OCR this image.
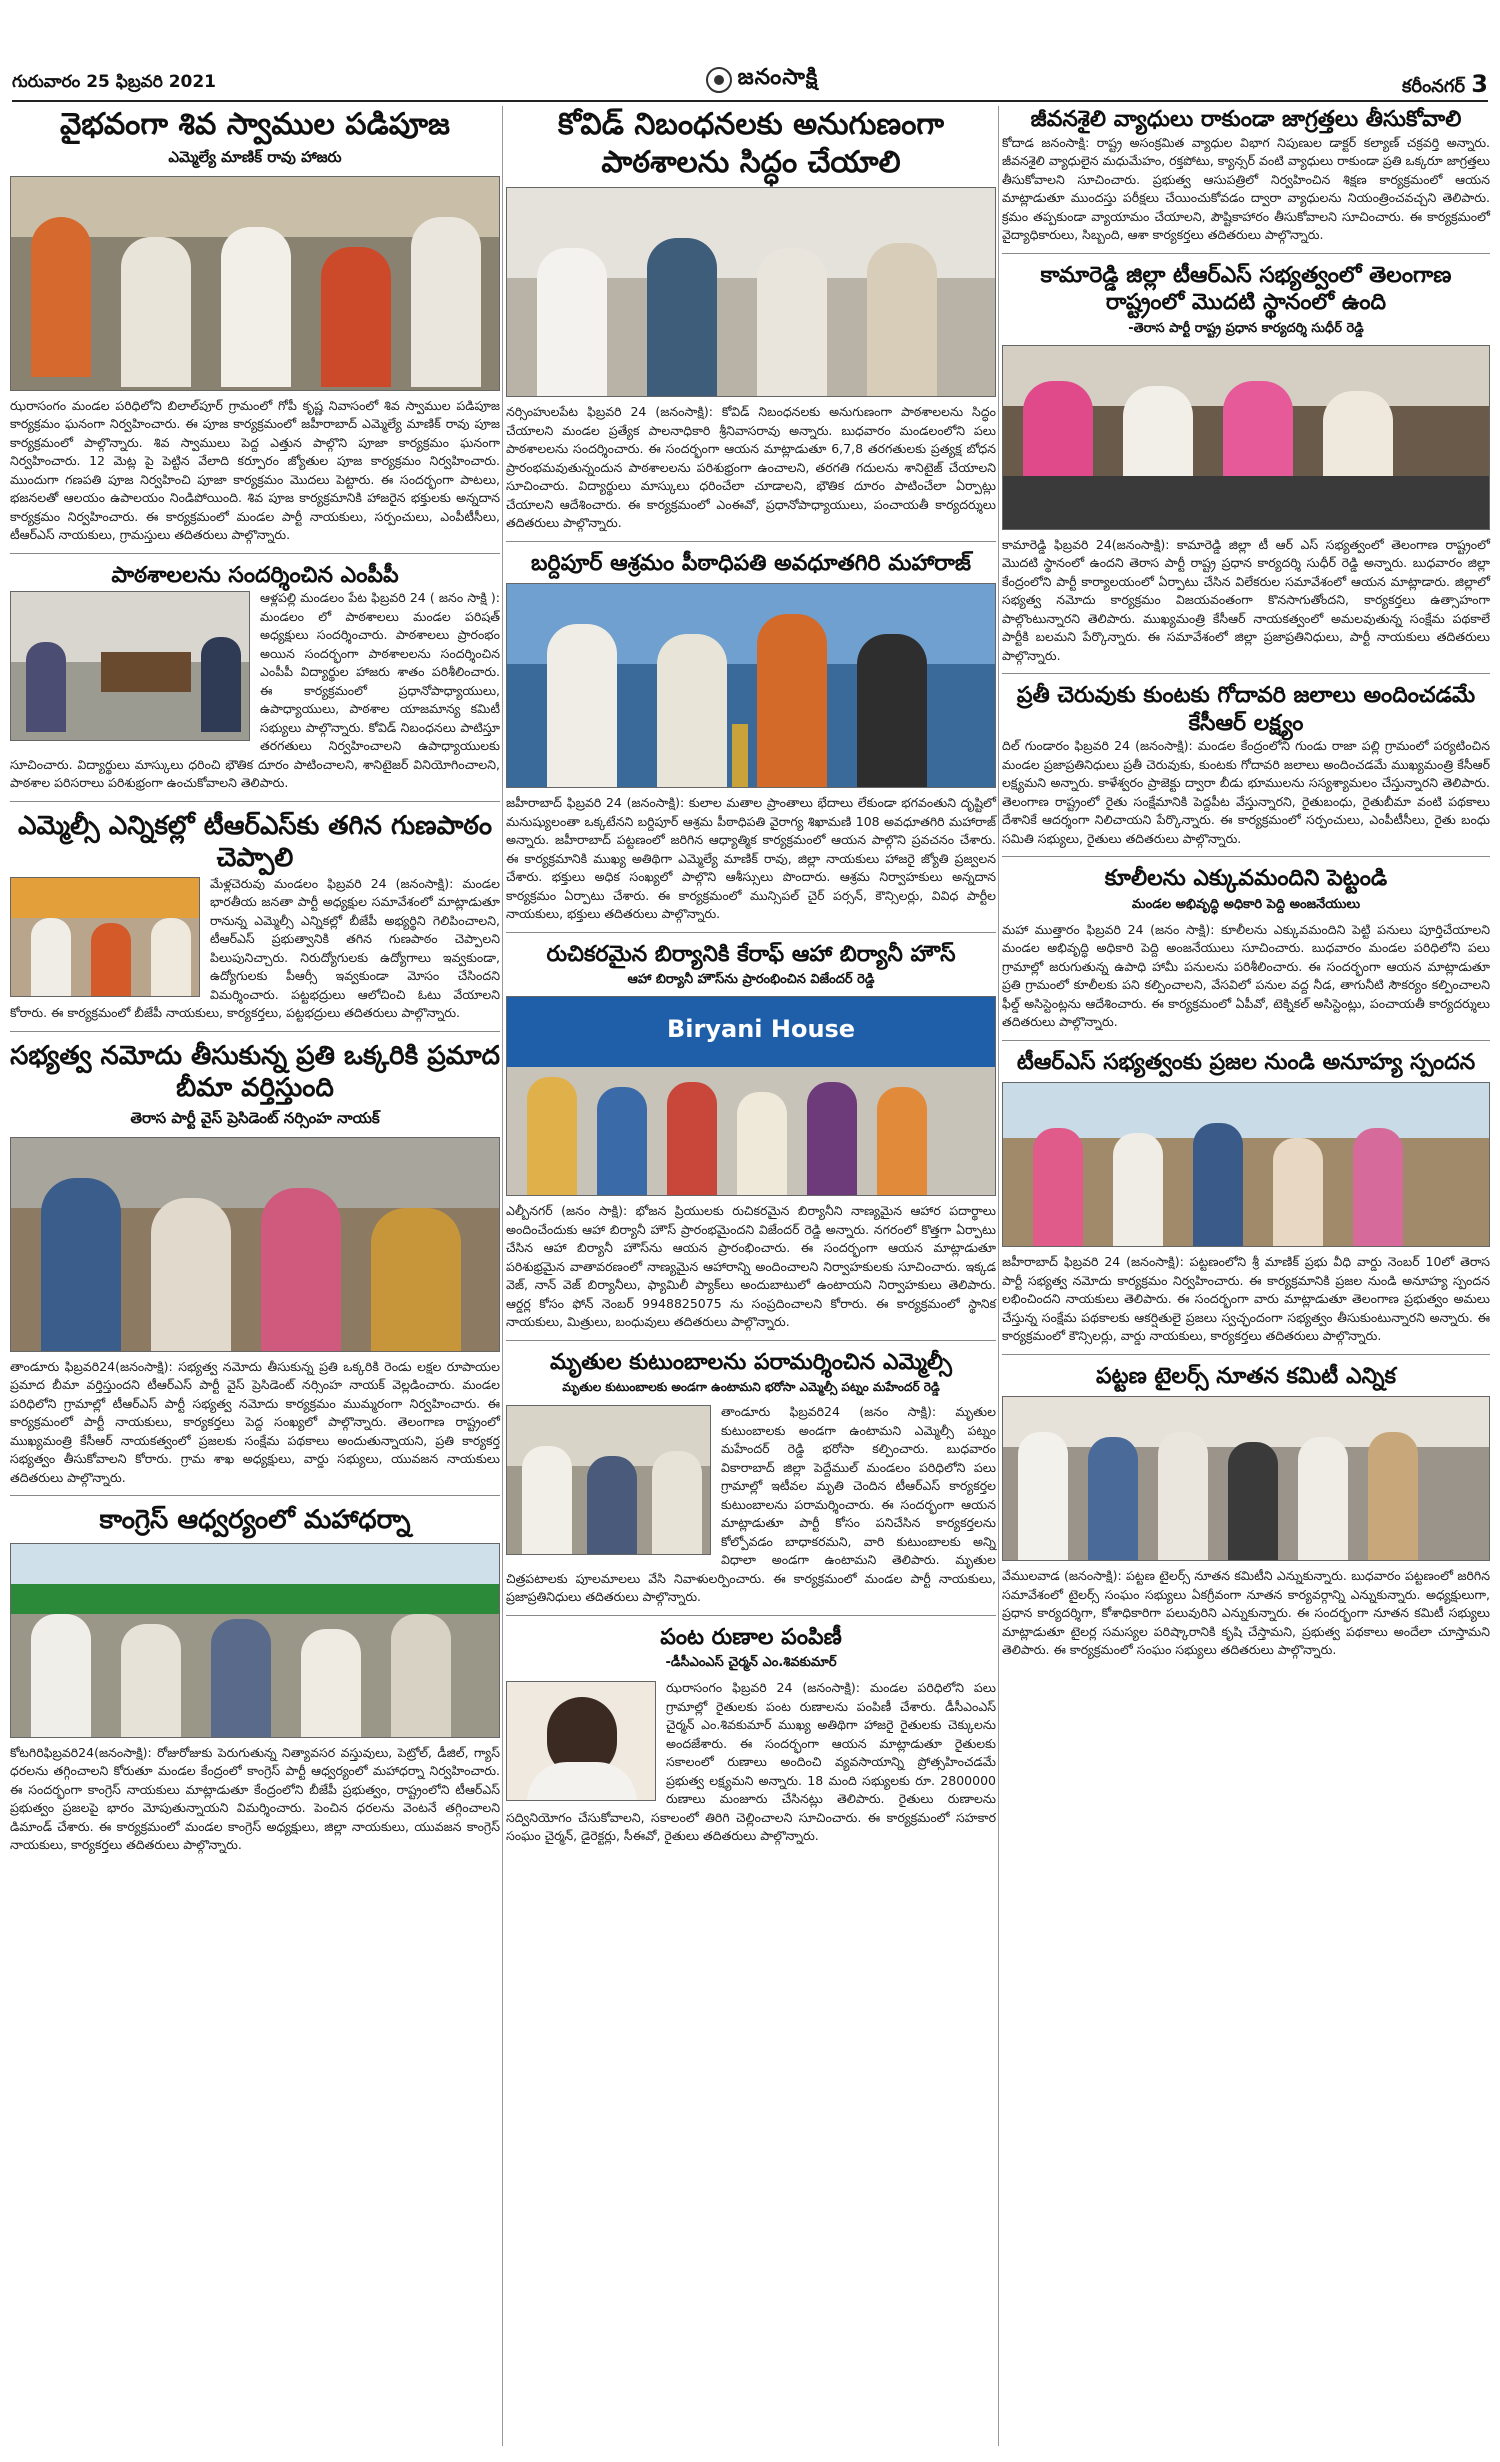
గురువారం 25 ఫిబ్రవరి 2021	జనంసాక్షి	కరీంనగర్ 3
వైభవంగా శివ స్వాముల పడిపూజ
ఎమ్మెల్యే మాణిక్ రావు హాజరు
ఝరాసంగం మండల పరిధిలోని బిలాల్‌పూర్ గ్రామంలో గోపీ కృష్ణ నివాసంలో శివ స్వాముల పడిపూజ కార్యక్రమం ఘనంగా నిర్వహించారు. ఈ పూజ కార్యక్రమంలో జహీరాబాద్ ఎమ్మెల్యే మాణిక్ రావు పూజ కార్యక్రమంలో పాల్గొన్నారు. శివ స్వాములు పెద్ద ఎత్తున పాల్గొని పూజా కార్యక్రమం ఘనంగా నిర్వహించారు. 12 మెట్ల పై పెట్టిన వేలాది కర్పూరం జ్యోతుల పూజ కార్యక్రమం నిర్వహించారు. ముందుగా గణపతి పూజ నిర్వహించి పూజా కార్యక్రమం మొదలు పెట్టారు. ఈ సందర్భంగా పాటలు, భజనలతో ఆలయం ఉపాలయం నిండిపోయింది. శివ పూజ కార్యక్రమానికి హాజరైన భక్తులకు అన్నదాన కార్యక్రమం నిర్వహించారు. ఈ కార్యక్రమంలో మండల పార్టీ నాయకులు, సర్పంచులు, ఎంపీటీసీలు, టీఆర్ఎస్ నాయకులు, గ్రామస్తులు తదితరులు పాల్గొన్నారు.
పాఠశాలలను సందర్శించిన ఎంపీపీ
ఆళ్లపల్లి మండలం పేట ఫిబ్రవరి 24 ( జనం సాక్షి ): మండలం లో పాఠశాలలు మండల పరిషత్ అధ్యక్షులు సందర్శించారు. పాఠశాలలు ప్రారంభం అయిన సందర్భంగా పాఠశాలలను సందర్శించిన ఎంపీపీ విద్యార్థుల హాజరు శాతం పరిశీలించారు. ఈ కార్యక్రమంలో ప్రధానోపాధ్యాయులు, ఉపాధ్యాయులు, పాఠశాల యాజమాన్య కమిటీ సభ్యులు పాల్గొన్నారు. కోవిడ్ నిబంధనలు పాటిస్తూ తరగతులు నిర్వహించాలని ఉపాధ్యాయులకు సూచించారు. విద్యార్థులు మాస్కులు ధరించి భౌతిక దూరం పాటించాలని, శానిటైజర్ వినియోగించాలని, పాఠశాల పరిసరాలు పరిశుభ్రంగా ఉంచుకోవాలని తెలిపారు.
ఎమ్మెల్సీ ఎన్నికల్లో టీఆర్ఎస్‌కు తగిన గుణపాఠం చెప్పాలి
మేళ్లచెరువు మండలం ఫిబ్రవరి 24 (జనంసాక్షి): మండల భారతీయ జనతా పార్టీ అధ్యక్షుల సమావేశంలో మాట్లాడుతూ రానున్న ఎమ్మెల్సీ ఎన్నికల్లో బీజేపీ అభ్యర్థిని గెలిపించాలని, టీఆర్ఎస్ ప్రభుత్వానికి తగిన గుణపాఠం చెప్పాలని పిలుపునిచ్చారు. నిరుద్యోగులకు ఉద్యోగాలు ఇవ్వకుండా, ఉద్యోగులకు పీఆర్సీ ఇవ్వకుండా మోసం చేసిందని విమర్శించారు. పట్టభద్రులు ఆలోచించి ఓటు వేయాలని కోరారు. ఈ కార్యక్రమంలో బీజేపీ నాయకులు, కార్యకర్తలు, పట్టభద్రులు తదితరులు పాల్గొన్నారు.
సభ్యత్వ నమోదు తీసుకున్న ప్రతి ఒక్కరికి ప్రమాద బీమా వర్తిస్తుంది
తెరాస పార్టీ వైస్ ప్రెసిడెంట్ నర్సింహ నాయక్
తాండూరు ఫిబ్రవరి24(జనంసాక్షి): సభ్యత్వ నమోదు తీసుకున్న ప్రతి ఒక్కరికి రెండు లక్షల రూపాయల ప్రమాద బీమా వర్తిస్తుందని టీఆర్ఎస్ పార్టీ వైస్ ప్రెసిడెంట్ నర్సింహ నాయక్ వెల్లడించారు. మండల పరిధిలోని గ్రామాల్లో టీఆర్ఎస్ పార్టీ సభ్యత్వ నమోదు కార్యక్రమం ముమ్మరంగా నిర్వహించారు. ఈ కార్యక్రమంలో పార్టీ నాయకులు, కార్యకర్తలు పెద్ద సంఖ్యలో పాల్గొన్నారు. తెలంగాణ రాష్ట్రంలో ముఖ్యమంత్రి కేసీఆర్ నాయకత్వంలో ప్రజలకు సంక్షేమ పథకాలు అందుతున్నాయని, ప్రతి కార్యకర్త సభ్యత్వం తీసుకోవాలని కోరారు. గ్రామ శాఖ అధ్యక్షులు, వార్డు సభ్యులు, యువజన నాయకులు తదితరులు పాల్గొన్నారు.
కాంగ్రెస్ ఆధ్వర్యంలో మహాధర్నా
కోటగిరిఫిబ్రవరి24(జనంసాక్షి): రోజురోజుకు పెరుగుతున్న నిత్యావసర వస్తువులు, పెట్రోల్, డీజిల్, గ్యాస్ ధరలను తగ్గించాలని కోరుతూ మండల కేంద్రంలో కాంగ్రెస్ పార్టీ ఆధ్వర్యంలో మహాధర్నా నిర్వహించారు. ఈ సందర్భంగా కాంగ్రెస్ నాయకులు మాట్లాడుతూ కేంద్రంలోని బీజేపీ ప్రభుత్వం, రాష్ట్రంలోని టీఆర్ఎస్ ప్రభుత్వం ప్రజలపై భారం మోపుతున్నాయని విమర్శించారు. పెంచిన ధరలను వెంటనే తగ్గించాలని డిమాండ్ చేశారు. ఈ కార్యక్రమంలో మండల కాంగ్రెస్ అధ్యక్షులు, జిల్లా నాయకులు, యువజన కాంగ్రెస్ నాయకులు, కార్యకర్తలు తదితరులు పాల్గొన్నారు.
కోవిడ్ నిబంధనలకు అనుగుణంగా పాఠశాలను సిద్ధం చేయాలి
నర్సింహులపేట ఫిబ్రవరి 24 (జనంసాక్షి): కోవిడ్ నిబంధనలకు అనుగుణంగా పాఠశాలలను సిద్ధం చేయాలని మండల ప్రత్యేక పాలనాధికారి శ్రీనివాసరావు అన్నారు. బుధవారం మండలంలోని పలు పాఠశాలలను సందర్శించారు. ఈ సందర్భంగా ఆయన మాట్లాడుతూ 6,7,8 తరగతులకు ప్రత్యక్ష బోధన ప్రారంభమవుతున్నందున పాఠశాలలను పరిశుభ్రంగా ఉంచాలని, తరగతి గదులను శానిటైజ్ చేయాలని సూచించారు. విద్యార్థులు మాస్కులు ధరించేలా చూడాలని, భౌతిక దూరం పాటించేలా ఏర్పాట్లు చేయాలని ఆదేశించారు. ఈ కార్యక్రమంలో ఎంఈవో, ప్రధానోపాధ్యాయులు, పంచాయతీ కార్యదర్శులు తదితరులు పాల్గొన్నారు.
బర్దిపూర్ ఆశ్రమం పీఠాధిపతి అవధూతగిరి మహారాజ్
జహీరాబాద్ ఫిబ్రవరి 24 (జనంసాక్షి): కులాల మతాల ప్రాంతాలు భేదాలు లేకుండా భగవంతుని దృష్టిలో మనుష్యులంతా ఒక్కటేనని బర్దిపూర్ ఆశ్రమ పీఠాధిపతి వైరాగ్య శిఖామణి 108 అవధూతగిరి మహారాజ్ అన్నారు. జహీరాబాద్ పట్టణంలో జరిగిన ఆధ్యాత్మిక కార్యక్రమంలో ఆయన పాల్గొని ప్రవచనం చేశారు. ఈ కార్యక్రమానికి ముఖ్య అతిథిగా ఎమ్మెల్యే మాణిక్ రావు, జిల్లా నాయకులు హాజరై జ్యోతి ప్రజ్వలన చేశారు. భక్తులు అధిక సంఖ్యలో పాల్గొని ఆశీస్సులు పొందారు. ఆశ్రమ నిర్వాహకులు అన్నదాన కార్యక్రమం ఏర్పాటు చేశారు. ఈ కార్యక్రమంలో మున్సిపల్ చైర్ పర్సన్, కౌన్సిలర్లు, వివిధ పార్టీల నాయకులు, భక్తులు తదితరులు పాల్గొన్నారు.
రుచికరమైన బిర్యానికి కేరాఫ్ ఆహా బిర్యానీ హౌస్
ఆహా బిర్యానీ హౌస్‌ను ప్రారంభించిన విజేందర్ రెడ్డి
Biryani House
ఎల్బీనగర్ (జనం సాక్షి): భోజన ప్రియులకు రుచికరమైన బిర్యానీని నాణ్యమైన ఆహార పదార్థాలు అందించేందుకు ఆహా బిర్యానీ హౌస్ ప్రారంభమైందని విజేందర్ రెడ్డి అన్నారు. నగరంలో కొత్తగా ఏర్పాటు చేసిన ఆహా బిర్యానీ హౌస్‌ను ఆయన ప్రారంభించారు. ఈ సందర్భంగా ఆయన మాట్లాడుతూ పరిశుభ్రమైన వాతావరణంలో నాణ్యమైన ఆహారాన్ని అందించాలని నిర్వాహకులకు సూచించారు. ఇక్కడ వెజ్, నాన్ వెజ్ బిర్యానీలు, ఫ్యామిలీ ప్యాక్‌లు అందుబాటులో ఉంటాయని నిర్వాహకులు తెలిపారు. ఆర్డర్ల కోసం ఫోన్ నెంబర్ 9948825075 ను సంప్రదించాలని కోరారు. ఈ కార్యక్రమంలో స్థానిక నాయకులు, మిత్రులు, బంధువులు తదితరులు పాల్గొన్నారు.
మృతుల కుటుంబాలను పరామర్శించిన ఎమ్మెల్సీ
మృతుల కుటుంబాలకు అండగా ఉంటామని భరోసా ఎమ్మెల్సీ పట్నం మహేందర్ రెడ్డి
తాండూరు ఫిబ్రవరి24 (జనం సాక్షి): మృతుల కుటుంబాలకు అండగా ఉంటామని ఎమ్మెల్సీ పట్నం మహేందర్ రెడ్డి భరోసా కల్పించారు. బుధవారం వికారాబాద్ జిల్లా పెద్దేముల్ మండలం పరిధిలోని పలు గ్రామాల్లో ఇటీవల మృతి చెందిన టీఆర్ఎస్ కార్యకర్తల కుటుంబాలను పరామర్శించారు. ఈ సందర్భంగా ఆయన మాట్లాడుతూ పార్టీ కోసం పనిచేసిన కార్యకర్తలను కోల్పోవడం బాధాకరమని, వారి కుటుంబాలకు అన్ని విధాలా అండగా ఉంటామని తెలిపారు. మృతుల చిత్రపటాలకు పూలమాలలు వేసి నివాళులర్పించారు. ఈ కార్యక్రమంలో మండల పార్టీ నాయకులు, ప్రజాప్రతినిధులు తదితరులు పాల్గొన్నారు.
పంట రుణాల పంపిణీ
-డీసీఎంఎస్ చైర్మన్ ఎం.శివకుమార్
ఝరాసంగం ఫిబ్రవరి 24 (జనంసాక్షి): మండల పరిధిలోని పలు గ్రామాల్లో రైతులకు పంట రుణాలను పంపిణీ చేశారు. డీసీఎంఎస్ చైర్మన్ ఎం.శివకుమార్ ముఖ్య అతిథిగా హాజరై రైతులకు చెక్కులను అందజేశారు. ఈ సందర్భంగా ఆయన మాట్లాడుతూ రైతులకు సకాలంలో రుణాలు అందించి వ్యవసాయాన్ని ప్రోత్సహించడమే ప్రభుత్వ లక్ష్యమని అన్నారు. 18 మంది సభ్యులకు రూ. 2800000 రుణాలు మంజూరు చేసినట్లు తెలిపారు. రైతులు రుణాలను సద్వినియోగం చేసుకోవాలని, సకాలంలో తిరిగి చెల్లించాలని సూచించారు. ఈ కార్యక్రమంలో సహకార సంఘం చైర్మన్, డైరెక్టర్లు, సీఈవో, రైతులు తదితరులు పాల్గొన్నారు.
జీవనశైలి వ్యాధులు రాకుండా జాగ్రత్తలు తీసుకోవాలి
కోదాడ జనంసాక్షి: రాష్ట్ర అసంక్రమిత వ్యాధుల విభాగ నిపుణుల డాక్టర్ కల్యాణ్ చక్రవర్తి అన్నారు. జీవనశైలి వ్యాధులైన మధుమేహం, రక్తపోటు, క్యాన్సర్ వంటి వ్యాధులు రాకుండా ప్రతి ఒక్కరూ జాగ్రత్తలు తీసుకోవాలని సూచించారు. ప్రభుత్వ ఆసుపత్రిలో నిర్వహించిన శిక్షణ కార్యక్రమంలో ఆయన మాట్లాడుతూ ముందస్తు పరీక్షలు చేయించుకోవడం ద్వారా వ్యాధులను నియంత్రించవచ్చని తెలిపారు. క్రమం తప్పకుండా వ్యాయామం చేయాలని, పౌష్టికాహారం తీసుకోవాలని సూచించారు. ఈ కార్యక్రమంలో వైద్యాధికారులు, సిబ్బంది, ఆశా కార్యకర్తలు తదితరులు పాల్గొన్నారు.
కామారెడ్డి జిల్లా టీఆర్ఎస్ సభ్యత్వంలో తెలంగాణ రాష్ట్రంలో మొదటి స్థానంలో ఉంది
-తెరాస పార్టీ రాష్ట్ర ప్రధాన కార్యదర్శి సుధీర్ రెడ్డి
కామారెడ్డి ఫిబ్రవరి 24(జనంసాక్షి): కామారెడ్డి జిల్లా టీ ఆర్ ఎస్ సభ్యత్వంలో తెలంగాణ రాష్ట్రంలో మొదటి స్థానంలో ఉందని తెరాస పార్టీ రాష్ట్ర ప్రధాన కార్యదర్శి సుధీర్ రెడ్డి అన్నారు. బుధవారం జిల్లా కేంద్రంలోని పార్టీ కార్యాలయంలో ఏర్పాటు చేసిన విలేకరుల సమావేశంలో ఆయన మాట్లాడారు. జిల్లాలో సభ్యత్వ నమోదు కార్యక్రమం విజయవంతంగా కొనసాగుతోందని, కార్యకర్తలు ఉత్సాహంగా పాల్గొంటున్నారని తెలిపారు. ముఖ్యమంత్రి కేసీఆర్ నాయకత్వంలో అమలవుతున్న సంక్షేమ పథకాలే పార్టీకి బలమని పేర్కొన్నారు. ఈ సమావేశంలో జిల్లా ప్రజాప్రతినిధులు, పార్టీ నాయకులు తదితరులు పాల్గొన్నారు.
ప్రతీ చెరువుకు కుంటకు గోదావరి జలాలు అందించడమే కేసీఆర్ లక్ష్యం
దిల్ గుండారం ఫిబ్రవరి 24 (జనంసాక్షి): మండల కేంద్రంలోని గుండు రాజా పల్లి గ్రామంలో పర్యటించిన మండల ప్రజాప్రతినిధులు ప్రతీ చెరువుకు, కుంటకు గోదావరి జలాలు అందించడమే ముఖ్యమంత్రి కేసీఆర్ లక్ష్యమని అన్నారు. కాళేశ్వరం ప్రాజెక్టు ద్వారా బీడు భూములను సస్యశ్యామలం చేస్తున్నారని తెలిపారు. తెలంగాణ రాష్ట్రంలో రైతు సంక్షేమానికి పెద్దపీట వేస్తున్నారని, రైతుబంధు, రైతుబీమా వంటి పథకాలు దేశానికే ఆదర్శంగా నిలిచాయని పేర్కొన్నారు. ఈ కార్యక్రమంలో సర్పంచులు, ఎంపీటీసీలు, రైతు బంధు సమితి సభ్యులు, రైతులు తదితరులు పాల్గొన్నారు.
కూలీలను ఎక్కువమందిని పెట్టండి
మండల అభివృద్ధి అధికారి పెద్ది అంజనేయులు
మహా ముత్తారం ఫిబ్రవరి 24 (జనం సాక్షి): కూలీలను ఎక్కువమందిని పెట్టి పనులు పూర్తిచేయాలని మండల అభివృద్ధి అధికారి పెద్ది అంజనేయులు సూచించారు. బుధవారం మండల పరిధిలోని పలు గ్రామాల్లో జరుగుతున్న ఉపాధి హామీ పనులను పరిశీలించారు. ఈ సందర్భంగా ఆయన మాట్లాడుతూ ప్రతి గ్రామంలో కూలీలకు పని కల్పించాలని, వేసవిలో పనుల వద్ద నీడ, తాగునీటి సౌకర్యం కల్పించాలని ఫీల్డ్ అసిస్టెంట్లను ఆదేశించారు. ఈ కార్యక్రమంలో ఏపీవో, టెక్నికల్ అసిస్టెంట్లు, పంచాయతీ కార్యదర్శులు తదితరులు పాల్గొన్నారు.
టీఆర్ఎస్ సభ్యత్వంకు ప్రజల నుండి అనూహ్య స్పందన
జహీరాబాద్ ఫిబ్రవరి 24 (జనంసాక్షి): పట్టణంలోని శ్రీ మాణిక్ ప్రభు వీధి వార్డు నెంబర్ 10లో తెరాస పార్టీ సభ్యత్వ నమోదు కార్యక్రమం నిర్వహించారు. ఈ కార్యక్రమానికి ప్రజల నుండి అనూహ్య స్పందన లభించిందని నాయకులు తెలిపారు. ఈ సందర్భంగా వారు మాట్లాడుతూ తెలంగాణ ప్రభుత్వం అమలు చేస్తున్న సంక్షేమ పథకాలకు ఆకర్షితులై ప్రజలు స్వచ్ఛందంగా సభ్యత్వం తీసుకుంటున్నారని అన్నారు. ఈ కార్యక్రమంలో కౌన్సిలర్లు, వార్డు నాయకులు, కార్యకర్తలు తదితరులు పాల్గొన్నారు.
పట్టణ టైలర్స్ నూతన కమిటీ ఎన్నిక
వేములవాడ (జనంసాక్షి): పట్టణ టైలర్స్ నూతన కమిటీని ఎన్నుకున్నారు. బుధవారం పట్టణంలో జరిగిన సమావేశంలో టైలర్స్ సంఘం సభ్యులు ఏకగ్రీవంగా నూతన కార్యవర్గాన్ని ఎన్నుకున్నారు. అధ్యక్షులుగా, ప్రధాన కార్యదర్శిగా, కోశాధికారిగా పలువురిని ఎన్నుకున్నారు. ఈ సందర్భంగా నూతన కమిటీ సభ్యులు మాట్లాడుతూ టైలర్ల సమస్యల పరిష్కారానికి కృషి చేస్తామని, ప్రభుత్వ పథకాలు అందేలా చూస్తామని తెలిపారు. ఈ కార్యక్రమంలో సంఘం సభ్యులు తదితరులు పాల్గొన్నారు.
